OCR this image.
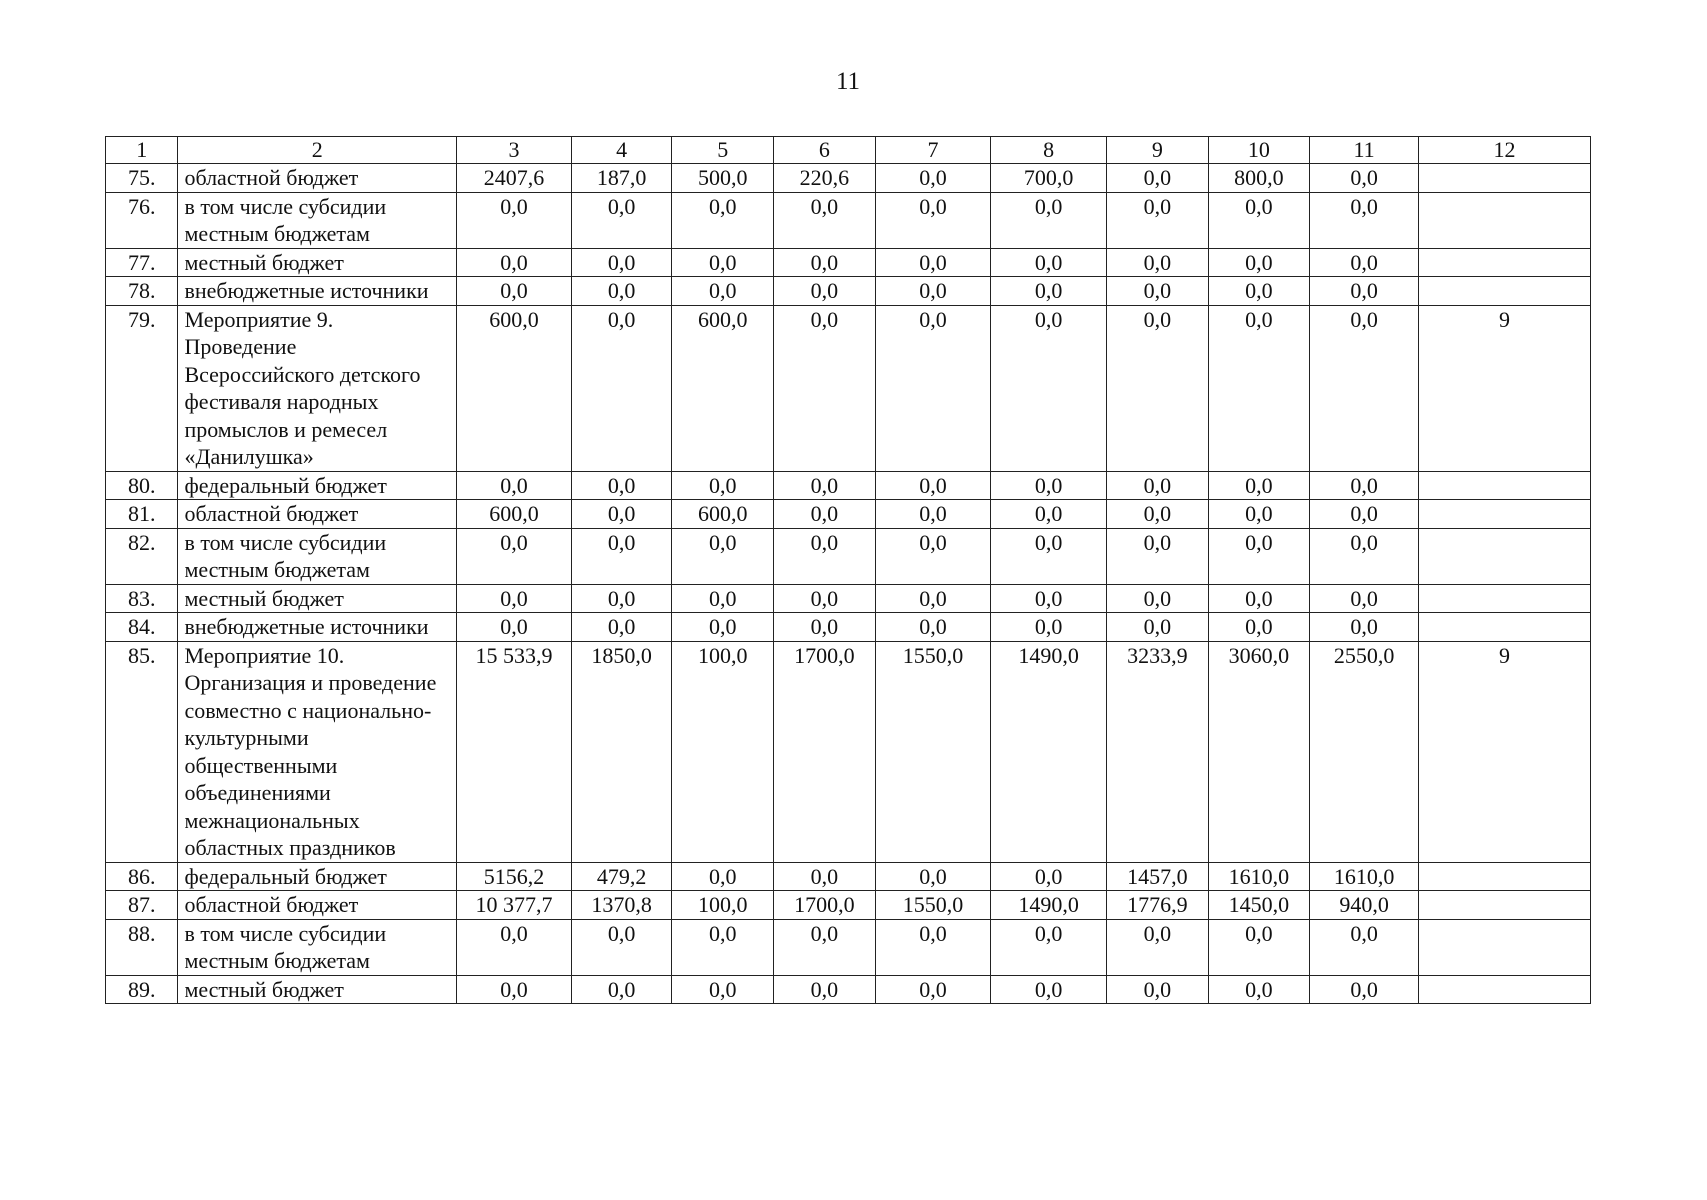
11
1	2	3	4	5	6	7	8	9	10	11	12
75.	областной бюджет	2407,6	187,0	500,0	220,6	0,0	700,0	0,0	800,0	0,0	
76.	в том числе субсидии местным бюджетам	0,0	0,0	0,0	0,0	0,0	0,0	0,0	0,0	0,0	
77.	местный бюджет	0,0	0,0	0,0	0,0	0,0	0,0	0,0	0,0	0,0	
78.	внебюджетные источники	0,0	0,0	0,0	0,0	0,0	0,0	0,0	0,0	0,0	
79.	Мероприятие 9. Проведение Всероссийского детского фестиваля народных промыслов и ремесел «Данилушка»	600,0	0,0	600,0	0,0	0,0	0,0	0,0	0,0	0,0	9
80.	федеральный бюджет	0,0	0,0	0,0	0,0	0,0	0,0	0,0	0,0	0,0	
81.	областной бюджет	600,0	0,0	600,0	0,0	0,0	0,0	0,0	0,0	0,0	
82.	в том числе субсидии местным бюджетам	0,0	0,0	0,0	0,0	0,0	0,0	0,0	0,0	0,0	
83.	местный бюджет	0,0	0,0	0,0	0,0	0,0	0,0	0,0	0,0	0,0	
84.	внебюджетные источники	0,0	0,0	0,0	0,0	0,0	0,0	0,0	0,0	0,0	
85.	Мероприятие 10. Организация и проведение совместно с национально-культурными общественными объединениями межнациональных областных праздников	15 533,9	1850,0	100,0	1700,0	1550,0	1490,0	3233,9	3060,0	2550,0	9
86.	федеральный бюджет	5156,2	479,2	0,0	0,0	0,0	0,0	1457,0	1610,0	1610,0	
87.	областной бюджет	10 377,7	1370,8	100,0	1700,0	1550,0	1490,0	1776,9	1450,0	940,0	
88.	в том числе субсидии местным бюджетам	0,0	0,0	0,0	0,0	0,0	0,0	0,0	0,0	0,0	
89.	местный бюджет	0,0	0,0	0,0	0,0	0,0	0,0	0,0	0,0	0,0	
